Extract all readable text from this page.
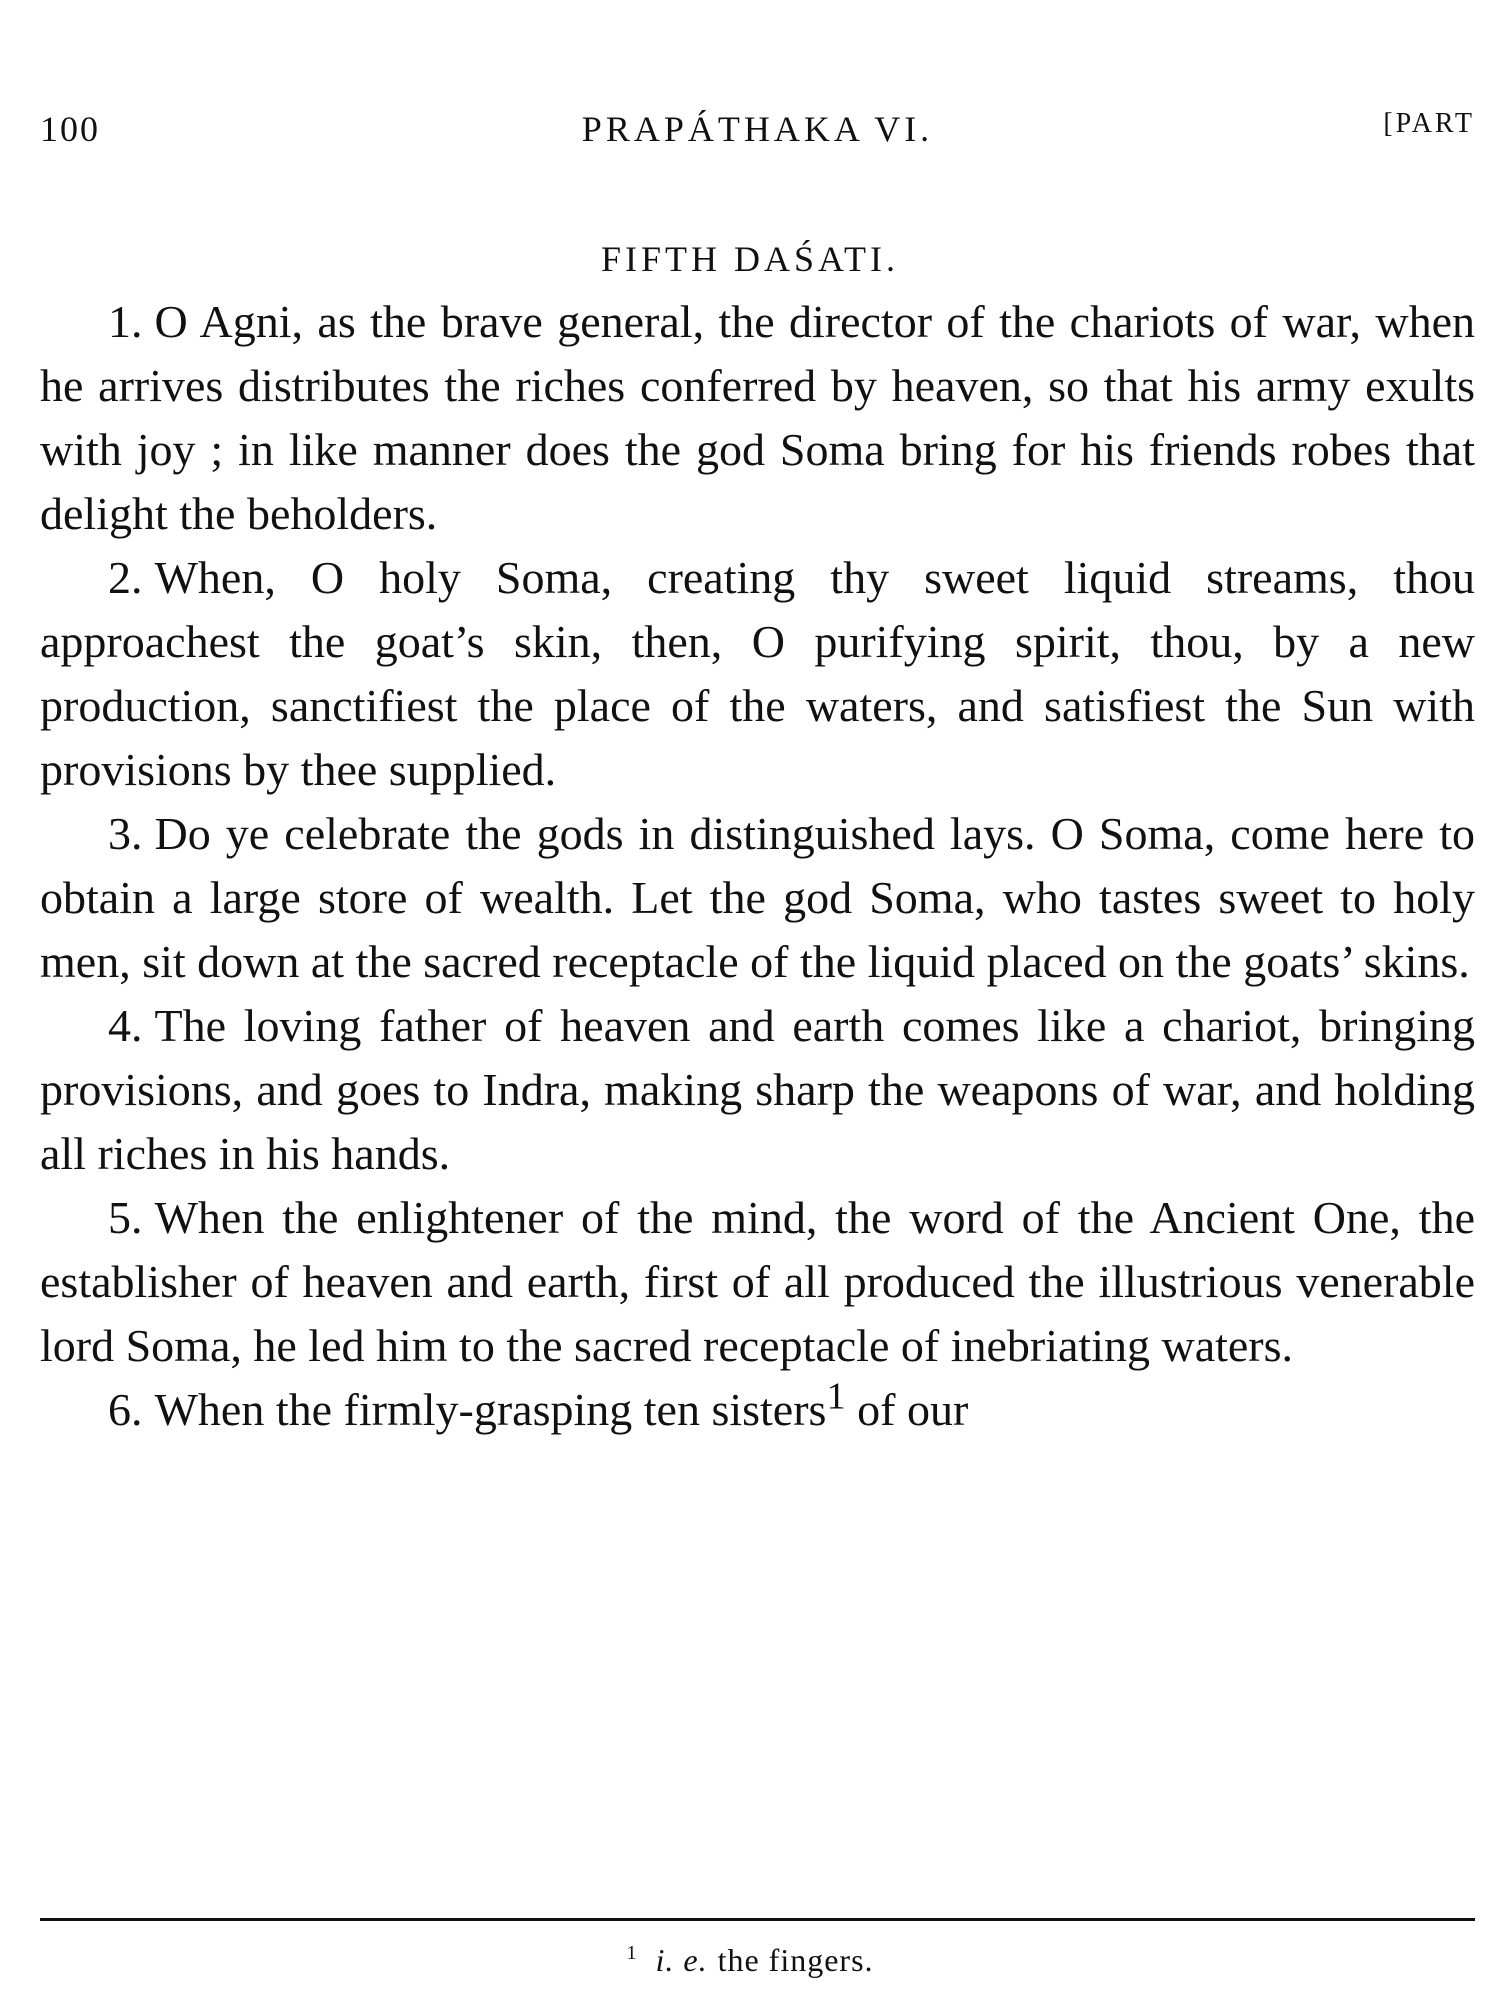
100	PRAPÁTHAKA VI.	[PART
FIFTH DAŚATI.

1. O Agni, as the brave general, the director of the chariots of war, when he arrives distributes the riches conferred by heaven, so that his army exults with joy ; in like manner does the god Soma bring for his friends robes that delight the beholders.

2. When, O holy Soma, creating thy sweet liquid streams, thou approachest the goat’s skin, then, O purifying spirit, thou, by a new production, sanctifiest the place of the waters, and satisfiest the Sun with provisions by thee supplied.

3. Do ye celebrate the gods in distinguished lays. O Soma, come here to obtain a large store of wealth. Let the god Soma, who tastes sweet to holy men, sit down at the sacred receptacle of the liquid placed on the goats’ skins.

4. The loving father of heaven and earth comes like a chariot, bringing provisions, and goes to Indra, making sharp the weapons of war, and holding all riches in his hands.

5. When the enlightener of the mind, the word of the Ancient One, the establisher of heaven and earth, first of all produced the illustrious venerable lord Soma, he led him to the sacred receptacle of inebriating waters.

6. When the firmly-grasping ten sisters$^1$ of our

$^1$ i. e. the fingers.
